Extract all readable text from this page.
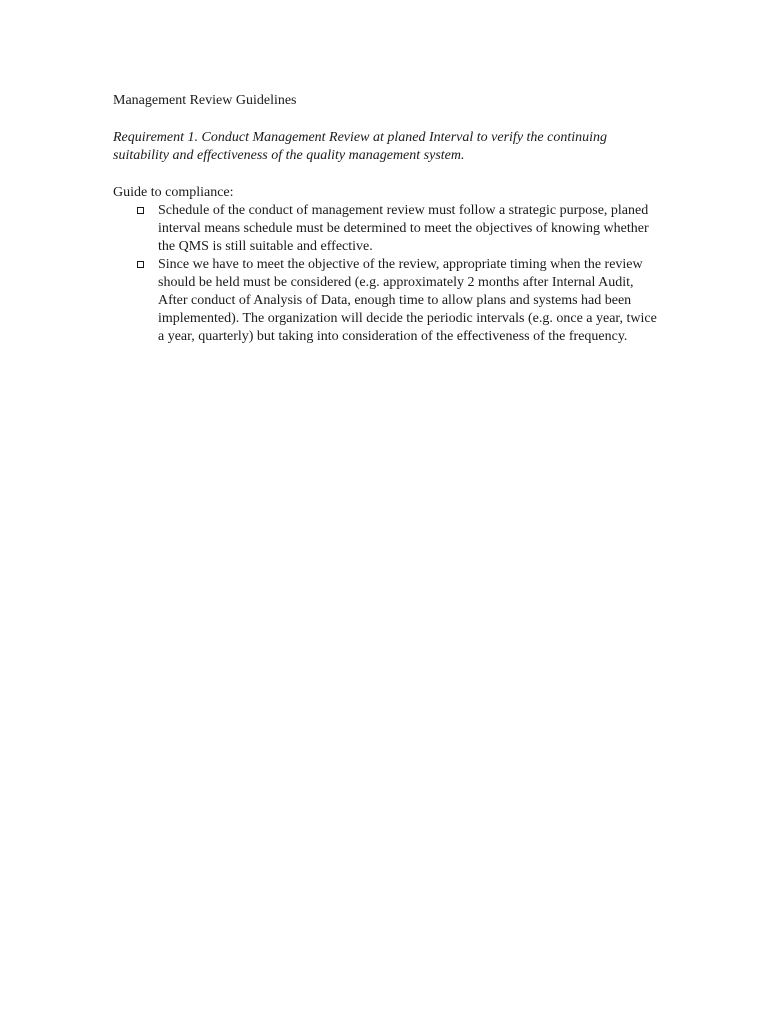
Management Review Guidelines

Requirement 1. Conduct Management Review at planed Interval to verify the continuing suitability and effectiveness of the quality management system.

Guide to compliance:

Schedule of the conduct of management review must follow a strategic purpose, planed interval means schedule must be determined to meet the objectives of knowing whether the QMS is still suitable and effective.
Since we have to meet the objective of the review, appropriate timing when the review should be held must be considered (e.g. approximately 2 months after Internal Audit, After conduct of Analysis of Data, enough time to allow plans and systems had been implemented). The organization will decide the periodic intervals (e.g. once a year, twice a year, quarterly) but taking into consideration of the effectiveness of the frequency.
